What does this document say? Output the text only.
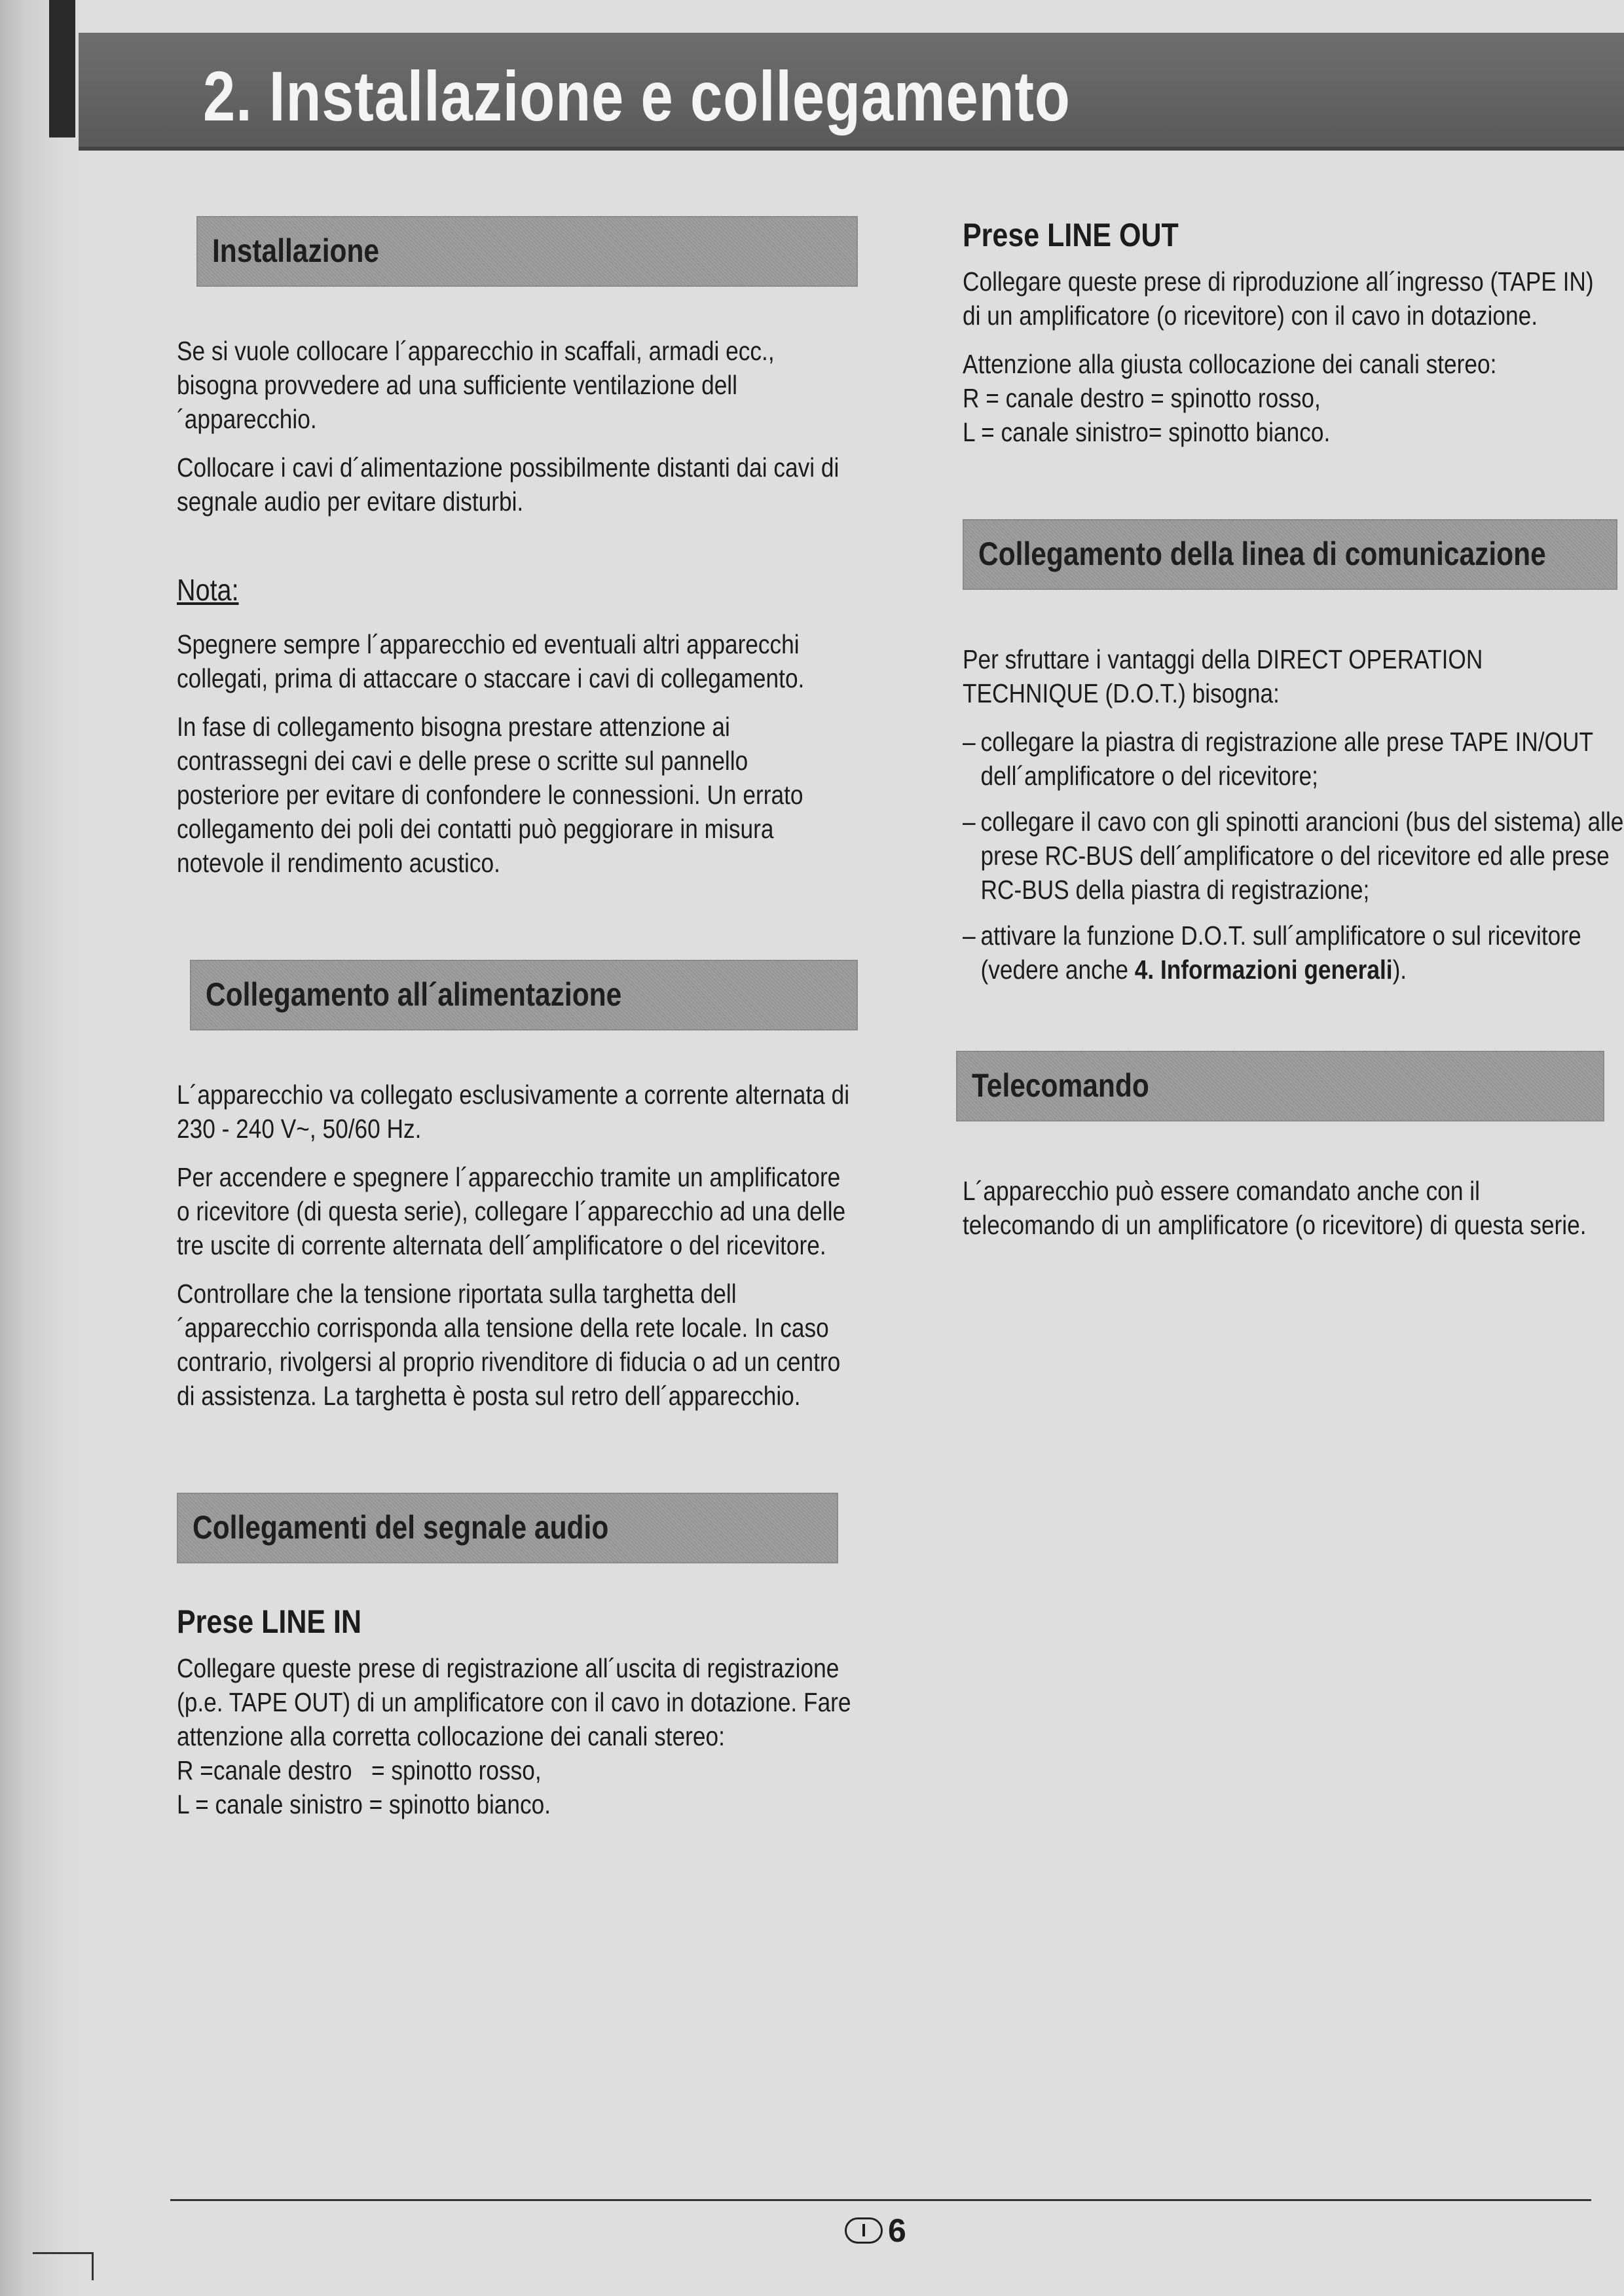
2. Installazione e collegamento
Installazione

Se si vuole collocare l´apparecchio in scaffali, armadi ecc., bisogna provvedere ad una sufficiente ventilazione dell´apparecchio.

Collocare i cavi d´alimentazione possibilmente distanti dai cavi di segnale audio per evitare disturbi.

Nota:

Spegnere sempre l´apparecchio ed eventuali altri apparecchi collegati, prima di attaccare o staccare i cavi di collegamento.

In fase di collegamento bisogna prestare attenzione ai contrassegni dei cavi e delle prese o scritte sul pannello posteriore per evitare di confondere le connessioni. Un errato collegamento dei poli dei contatti può peggiorare in misura notevole il rendimento acustico.

Collegamento all´alimentazione

L´apparecchio va collegato esclusivamente a corrente alternata di 230 - 240 V~, 50/60 Hz.

Per accendere e spegnere l´apparecchio tramite un amplificatore o ricevitore (di questa serie), collegare l´apparecchio ad una delle tre uscite di corrente alternata dell´amplificatore o del ricevitore.

Controllare che la tensione riportata sulla targhetta dell´apparecchio corrisponda alla tensione della rete locale. In caso contrario, rivolgersi al proprio rivenditore di fiducia o ad un centro di assistenza. La targhetta è posta sul retro dell´apparecchio.

Collegamenti del segnale audio
Prese LINE IN

Collegare queste prese di registrazione all´uscita di registrazione (p.e. TAPE OUT) di un amplificatore con il cavo in dotazione. Fare attenzione alla corretta collocazione dei canali stereo:

R =canale destro   = spinotto rosso,

L = canale sinistro = spinotto bianco.

Prese LINE OUT

Collegare queste prese di riproduzione all´ingresso (TAPE IN) di un amplificatore (o ricevitore) con il cavo in dotazione.

Attenzione alla giusta collocazione dei canali stereo:

R = canale destro = spinotto rosso,

L = canale sinistro= spinotto bianco.

Collegamento della linea di comunicazione

Per sfruttare i vantaggi della DIRECT OPERATION TECHNIQUE (D.O.T.) bisogna:

– collegare la piastra di registrazione alle prese TAPE IN/OUT dell´amplificatore o del ricevitore;
– collegare il cavo con gli spinotti arancioni (bus del sistema) alle prese RC-BUS dell´amplificatore o del ricevitore ed alle prese RC-BUS della piastra di registrazione;
– attivare la funzione D.O.T. sull´amplificatore o sul ricevitore (vedere anche 4. Informazioni generali).
Telecomando

L´apparecchio può essere comandato anche con il telecomando di un amplificatore (o ricevitore) di questa serie.

I 6
